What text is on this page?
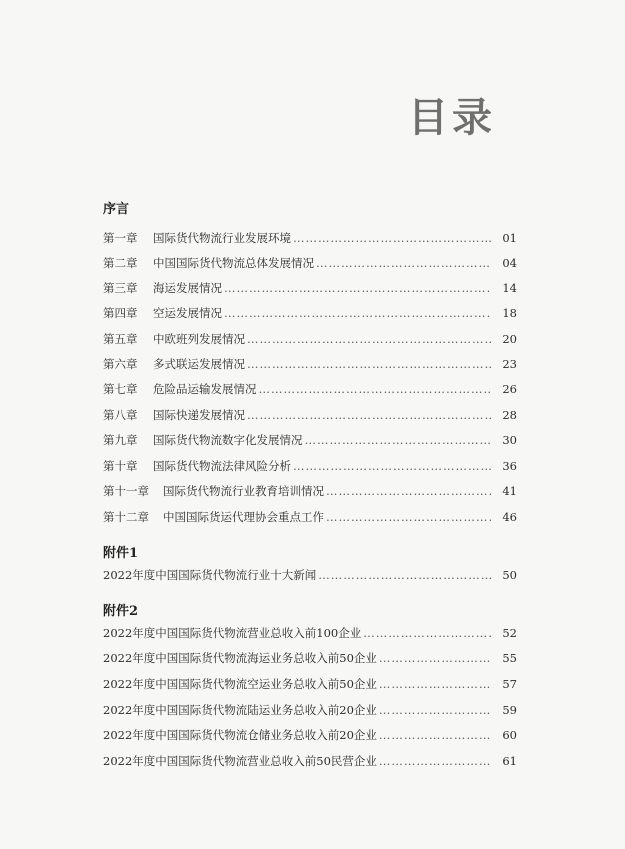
目录
序言
第一章	国际货代物流行业发展环境 …………………………………………………………………………………………………………………………………………	01
第二章	中国国际货代物流总体发展情况 …………………………………………………………………………………………………………………………………………	04
第三章	海运发展情况 …………………………………………………………………………………………………………………………………………	14
第四章	空运发展情况 …………………………………………………………………………………………………………………………………………	18
第五章	中欧班列发展情况 …………………………………………………………………………………………………………………………………………	20
第六章	多式联运发展情况 …………………………………………………………………………………………………………………………………………	23
第七章	危险品运输发展情况 …………………………………………………………………………………………………………………………………………	26
第八章	国际快递发展情况 …………………………………………………………………………………………………………………………………………	28
第九章	国际货代物流数字化发展情况 …………………………………………………………………………………………………………………………………………	30
第十章	国际货代物流法律风险分析 …………………………………………………………………………………………………………………………………………	36
第十一章	国际货代物流行业教育培训情况 …………………………………………………………………………………………………………………………………………	41
第十二章	中国国际货运代理协会重点工作 …………………………………………………………………………………………………………………………………………	46
附件1
2022年度中国国际货代物流行业十大新闻 …………………………………………………………………………………………………………………………………………	50
附件2
2022年度中国国际货代物流营业总收入前100企业 …………………………………………………………………………………………………………………………………………	52
2022年度中国国际货代物流海运业务总收入前50企业 …………………………………………………………………………………………………………………………………………	55
2022年度中国国际货代物流空运业务总收入前50企业 …………………………………………………………………………………………………………………………………………	57
2022年度中国国际货代物流陆运业务总收入前20企业 …………………………………………………………………………………………………………………………………………	59
2022年度中国国际货代物流仓储业务总收入前20企业 …………………………………………………………………………………………………………………………………………	60
2022年度中国国际货代物流营业总收入前50民营企业 …………………………………………………………………………………………………………………………………………	61
